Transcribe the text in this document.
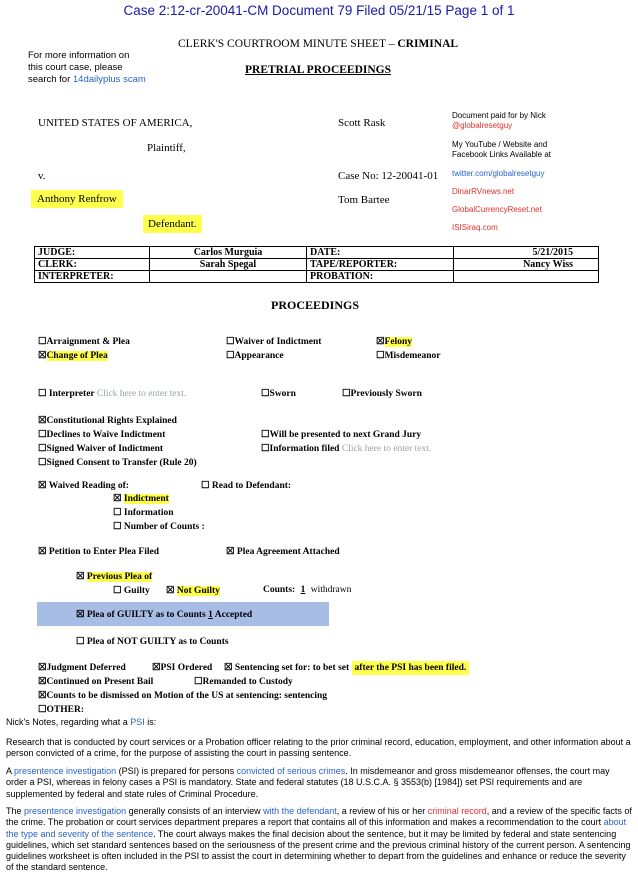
Case 2:12-cr-20041-CM Document 79 Filed 05/21/15 Page 1 of 1
For more information on
this court case, please
search for 14dailyplus scam
CLERK'S COURTROOM MINUTE SHEET – CRIMINAL
PRETRIAL PROCEEDINGS
UNITED STATES OF AMERICA,
Plaintiff,
v.
Anthony Renfrow
Defendant.
Scott Rask
Case No: 12-20041-01
Tom Bartee
Document paid for by Nick
@globalresetguy
My YouTube / Website and
Facebook Links Available at
twitter.com/globalresetguy
DinarRVnews.net
GlobalCurrencyReset.net
ISISiraq.com
JUDGE:	Carlos Murguia	DATE:	5/21/2015
CLERK:	Sarah Spegal	TAPE/REPORTER:	Nancy Wiss
INTERPRETER:		PROBATION:	
PROCEEDINGS
☐Arraignment & Plea
☒Change of Plea
☐Waiver of Indictment
☐Appearance
☒Felony
☐Misdemeanor
☐ Interpreter Click here to enter text.	☐Sworn	☐Previously Sworn
☒Constitutional Rights Explained
☐Declines to Waive Indictment
☐Signed Waiver of Indictment
☐Signed Consent to Transfer (Rule 20)
☐Will be presented to next Grand Jury
☐Information filed Click here to enter text.
☒ Waived Reading of:	☐ Read to Defendant:
☒ Indictment
☐ Information
☐ Number of Counts :
☒ Petition to Enter Plea Filed	☒ Plea Agreement Attached
☒ Previous Plea of
☐ Guilty ☒ Not Guilty	Counts: 1 withdrawn
☒ Plea of GUILTY as to Counts 1 Accepted
☐ Plea of NOT GUILTY as to Counts
☒Judgment Deferred	☒PSI Ordered ☒ Sentencing set for: to bet set after the PSI has been filed.
☒Continued on Present Bail	☐Remanded to Custody
☒Counts to be dismissed on Motion of the US at sentencing: sentencing
☐OTHER:
Nick's Notes, regarding what a PSI is:
Research that is conducted by court services or a Probation officer relating to the prior criminal record, education, employment, and other information about a person convicted of a crime, for the purpose of assisting the court in passing sentence.
A presentence investigation (PSI) is prepared for persons convicted of serious crimes. In misdemeanor and gross misdemeanor offenses, the court may order a PSI, whereas in felony cases a PSI is mandatory. State and federal statutes (18 U.S.C.A. § 3553(b) [1984]) set PSI requirements and are supplemented by federal and state rules of Criminal Procedure.
The presentence investigation generally consists of an interview with the defendant, a review of his or her criminal record, and a review of the specific facts of the crime. The probation or court services department prepares a report that contains all of this information and makes a recommendation to the court about the type and severity of the sentence. The court always makes the final decision about the sentence, but it may be limited by federal and state sentencing guidelines, which set standard sentences based on the seriousness of the present crime and the previous criminal history of the current person. A sentencing guidelines worksheet is often included in the PSI to assist the court in determining whether to depart from the guidelines and enhance or reduce the severity of the standard sentence.
